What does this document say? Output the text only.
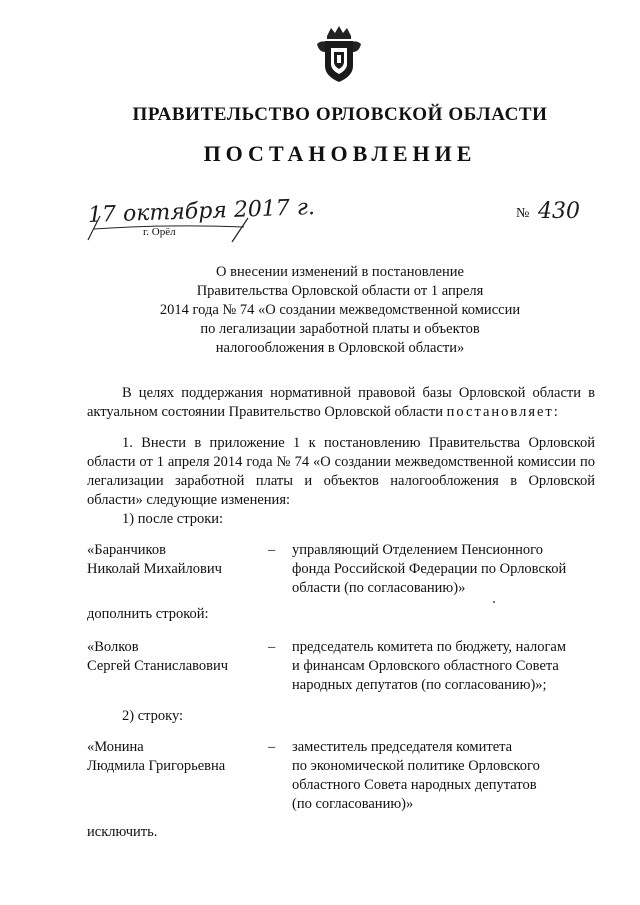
ПРАВИТЕЛЬСТВО ОРЛОВСКОЙ ОБЛАСТИ
ПОСТАНОВЛЕНИЕ
17 октября 2017 г.
г. Орёл
№ 430
О внесении изменений в постановление
Правительства Орловской области от 1 апреля
2014 года № 74 «О создании межведомственной комиссии
по легализации заработной платы и объектов
налогообложения в Орловской области»
В целях поддержания нормативной правовой базы Орловской области в актуальном состоянии Правительство Орловской области постановляет:
1. Внести в приложение 1 к постановлению Правительства Орловской области от 1 апреля 2014 года № 74 «О создании межведомственной комиссии по легализации заработной платы и объектов налогообложения в Орловской области» следующие изменения:
1) после строки:
«Баранчиков
Николай Михайлович
–	управляющий Отделением Пенсионного
фонда Российской Федерации по Орловской
области (по согласованию)»
дополнить строкой:
«Волков
Сергей Станиславович
–	председатель комитета по бюджету, налогам
и финансам Орловского областного Совета
народных депутатов (по согласованию)»;
2) строку:
«Монина
Людмила Григорьевна
–	заместитель председателя комитета
по экономической политике Орловского
областного Совета народных депутатов
(по согласованию)»
исключить.
